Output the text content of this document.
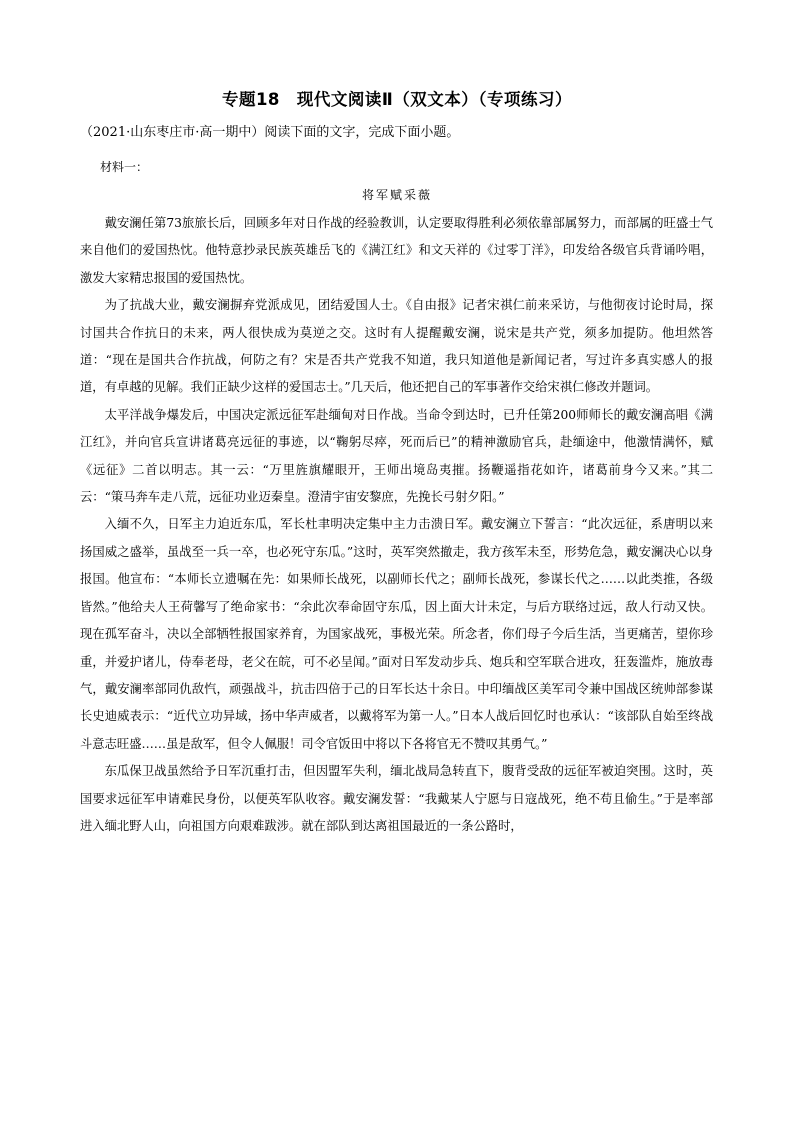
专题18　现代文阅读Ⅱ（双文本）（专项练习）
（2021·山东枣庄市·高一期中）阅读下面的文字，完成下面小题。
材料一：
将军赋采薇

戴安澜任第73旅旅长后，回顾多年对日作战的经验教训，认定要取得胜利必须依靠部属努力，而部属的旺盛士气来自他们的爱国热忱。他特意抄录民族英雄岳飞的《满江红》和文天祥的《过零丁洋》，印发给各级官兵背诵吟唱，激发大家精忠报国的爱国热忱。

为了抗战大业，戴安澜摒弃党派成见，团结爱国人士。《自由报》记者宋祺仁前来采访，与他彻夜讨论时局，探讨国共合作抗日的未来，两人很快成为莫逆之交。这时有人提醒戴安澜，说宋是共产党，须多加提防。他坦然答道：“现在是国共合作抗战，何防之有？宋是否共产党我不知道，我只知道他是新闻记者，写过许多真实感人的报道，有卓越的见解。我们正缺少这样的爱国志士。”几天后，他还把自己的军事著作交给宋祺仁修改并题词。

太平洋战争爆发后，中国决定派远征军赴缅甸对日作战。当命令到达时，已升任第200师师长的戴安澜高唱《满江红》，并向官兵宣讲诸葛亮远征的事迹，以“鞠躬尽瘁，死而后已”的精神激励官兵，赴缅途中，他激情满怀，赋《远征》二首以明志。其一云：“万里旌旗耀眼开，王师出境岛夷摧。扬鞭遥指花如许，诸葛前身今又来。”其二云：“策马奔车走八荒，远征功业迈秦皇。澄清宇宙安黎庶，先挽长弓射夕阳。”

入缅不久，日军主力迫近东瓜，军长杜聿明决定集中主力击溃日军。戴安澜立下誓言：“此次远征，系唐明以来扬国威之盛举，虽战至一兵一卒，也必死守东瓜。”这时，英军突然撤走，我方孩军未至，形势危急，戴安澜决心以身报国。他宣布：“本师长立遗嘱在先：如果师长战死，以副师长代之；副师长战死，参谋长代之……以此类推，各级皆然。”他给夫人王荷馨写了绝命家书：“余此次奉命固守东瓜，因上面大计未定，与后方联络过远，敌人行动又快。现在孤军奋斗，决以全部牺牲报国家养育，为国家战死，事极光荣。所念者，你们母子今后生活，当更痛苦，望你珍重，并爱护诸儿，侍奉老母，老父在皖，可不必呈闻。”面对日军发动步兵、炮兵和空军联合进攻，狂轰滥炸，施放毒气，戴安澜率部同仇敌忾，顽强战斗，抗击四倍于己的日军长达十余日。中印缅战区美军司令兼中国战区统帅部参谋长史迪威表示：“近代立功异域，扬中华声威者，以戴将军为第一人。”日本人战后回忆时也承认：“该部队自始至终战斗意志旺盛……虽是敌军，但令人佩服！司令官饭田中将以下各将官无不赞叹其勇气。”

东瓜保卫战虽然给予日军沉重打击，但因盟军失利，缅北战局急转直下，腹背受敌的远征军被迫突围。这时，英国要求远征军申请难民身份，以便英军队收容。戴安澜发誓：“我戴某人宁愿与日寇战死，绝不苟且偷生。”于是率部进入缅北野人山，向祖国方向艰难跋涉。就在部队到达离祖国最近的一条公路时，
